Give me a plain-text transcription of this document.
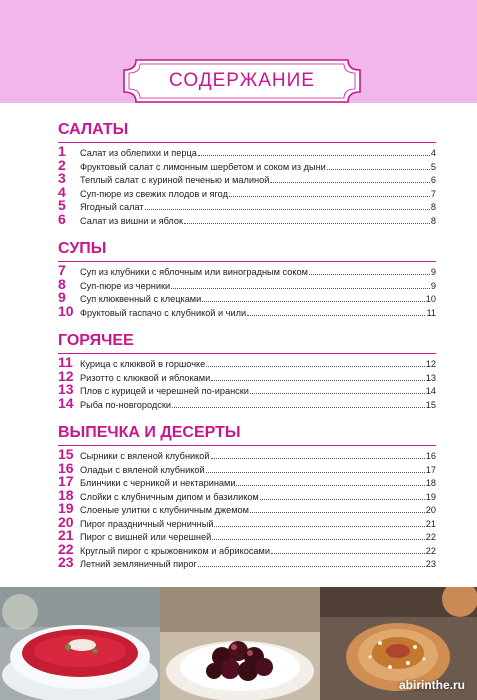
СОДЕРЖАНИЕ
САЛАТЫ
1	Салат из облепихи и перца	4
2	Фруктовый салат с лимонным шербетом и соком из дыни	5
3	Теплый салат с куриной печенью и малиной	6
4	Суп-пюре из свежих плодов и ягод	7
5	Ягодный салат	8
6	Салат из вишни и яблок	8
СУПЫ
7	Суп из клубники с яблочным или виноградным соком	9
8	Суп-пюре из черники	9
9	Суп клюквенный с клецками	10
10 Фруктовый гаспачо с клубникой и чили	11
ГОРЯЧЕЕ
11 Курица с клюквой в горшочке	12
12 Ризотто с клюквой и яблоками	13
13 Плов с курицей и черешней по-ирански	14
14 Рыба по-новгородски	15
ВЫПЕЧКА И ДЕСЕРТЫ
15 Сырники с вяленой клубникой	16
16 Оладьи с вяленой клубникой	17
17 Блинчики с черникой и нектаринами	18
18 Слойки с клубничным дипом и базиликом	19
19 Слоеные улитки с клубничным джемом	20
20 Пирог праздничный черничный	21
21 Пирог с вишней или черешней	22
22 Круглый пирог с крыжовником и абрикосами	22
23 Летний земляничный пирог	23
abirinthe.ru
